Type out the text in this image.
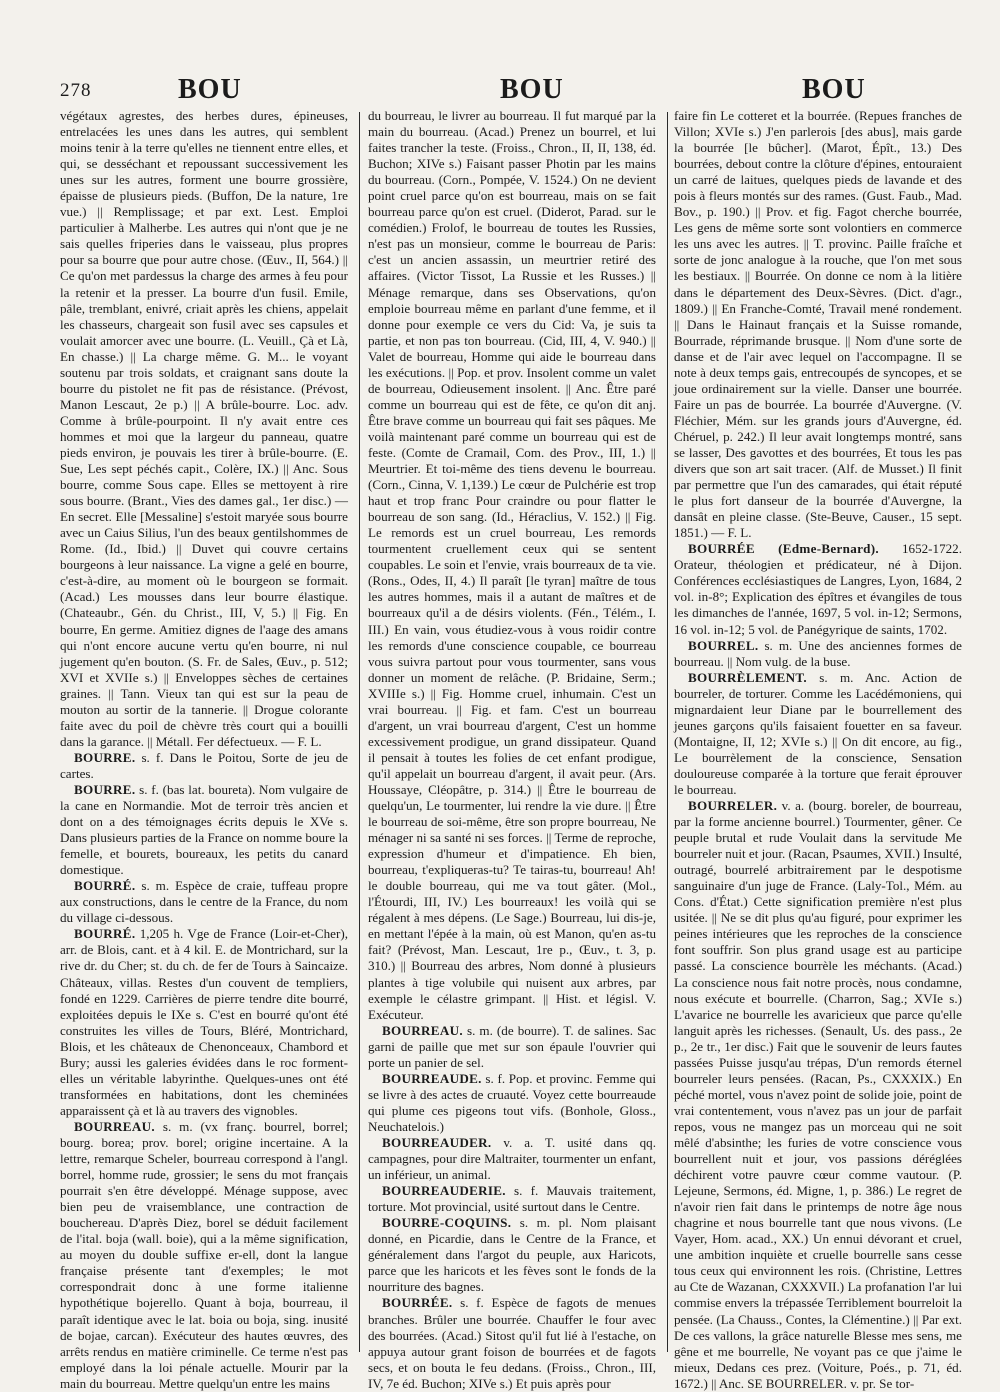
278	BOU	BOU	BOU

végétaux agrestes, des herbes dures, épineuses, entrelacées les unes dans les autres, qui semblent moins tenir à la terre qu'elles ne tiennent entre elles, et qui, se desséchant et repoussant successivement les unes sur les autres, forment une bourre grossière, épaisse de plusieurs pieds. (Buffon, De la nature, 1re vue.) || Remplissage; et par ext. Lest. Emploi particulier à Malherbe. Les autres qui n'ont que je ne sais quelles friperies dans le vaisseau, plus propres pour sa bourre que pour autre chose. (Œuv., II, 564.) || Ce qu'on met pardessus la charge des armes à feu pour la retenir et la presser. La bourre d'un fusil. Emile, pâle, tremblant, enivré, criait après les chiens, appelait les chasseurs, chargeait son fusil avec ses capsules et voulait amorcer avec une bourre. (L. Veuill., Çà et Là, En chasse.) || La charge même. G. M... le voyant soutenu par trois soldats, et craignant sans doute la bourre du pistolet ne fit pas de résistance. (Prévost, Manon Lescaut, 2e p.) || A brûle-bourre. Loc. adv. Comme à brûle-pourpoint. Il n'y avait entre ces hommes et moi que la largeur du panneau, quatre pieds environ, je pouvais les tirer à brûle-bourre. (E. Sue, Les sept péchés capit., Colère, IX.) || Anc. Sous bourre, comme Sous cape. Elles se mettoyent à rire sous bourre. (Brant., Vies des dames gal., 1er disc.) — En secret. Elle [Messaline] s'estoit maryée sous bourre avec un Caius Silius, l'un des beaux gentilshommes de Rome. (Id., Ibid.) || Duvet qui couvre certains bourgeons à leur naissance. La vigne a gelé en bourre, c'est-à-dire, au moment où le bourgeon se formait. (Acad.) Les mousses dans leur bourre élastique. (Chateaubr., Gén. du Christ., III, V, 5.) || Fig. En bourre, En germe. Amitiez dignes de l'aage des amans qui n'ont encore aucune vertu qu'en bourre, ni nul jugement qu'en bouton. (S. Fr. de Sales, Œuv., p. 512; XVI et XVIIe s.) || Enveloppes sèches de certaines graines. || Tann. Vieux tan qui est sur la peau de mouton au sortir de la tannerie. || Drogue colorante faite avec du poil de chèvre très court qui a bouilli dans la garance. || Métall. Fer défectueux. — F. L.

BOURRE. s. f. Dans le Poitou, Sorte de jeu de cartes.

BOURRE. s. f. (bas lat. boureta). Nom vulgaire de la cane en Normandie. Mot de terroir très ancien et dont on a des témoignages écrits depuis le XVe s. Dans plusieurs parties de la France on nomme boure la femelle, et bourets, boureaux, les petits du canard domestique.

BOURRÉ. s. m. Espèce de craie, tuffeau propre aux constructions, dans le centre de la France, du nom du village ci-dessous.

BOURRÉ. 1,205 h. Vge de France (Loir-et-Cher), arr. de Blois, cant. et à 4 kil. E. de Montrichard, sur la rive dr. du Cher; st. du ch. de fer de Tours à Saincaize. Châteaux, villas. Restes d'un couvent de templiers, fondé en 1229. Carrières de pierre tendre dite bourré, exploitées depuis le IXe s. C'est en bourré qu'ont été construites les villes de Tours, Bléré, Montrichard, Blois, et les châteaux de Chenonceaux, Chambord et Bury; aussi les galeries évidées dans le roc forment-elles un véritable labyrinthe. Quelques-unes ont été transformées en habitations, dont les cheminées apparaissent çà et là au travers des vignobles.

BOURREAU. s. m. (vx franç. bourrel, borrel; bourg. borea; prov. borel; origine incertaine. A la lettre, remarque Scheler, bourreau correspond à l'angl. borrel, homme rude, grossier; le sens du mot français pourrait s'en être développé. Ménage suppose, avec bien peu de vraisemblance, une contraction de bouchereau. D'après Diez, borel se déduit facilement de l'ital. boja (wall. boie), qui a la même signification, au moyen du double suffixe er-ell, dont la langue française présente tant d'exemples; le mot correspondrait donc à une forme italienne hypothétique bojerello. Quant à boja, bourreau, il paraît identique avec le lat. boia ou boja, sing. inusité de bojae, carcan). Exécuteur des hautes œuvres, des arrêts rendus en matière criminelle. Ce terme n'est pas employé dans la loi pénale actuelle. Mourir par la main du bourreau. Mettre quelqu'un entre les mains

du bourreau, le livrer au bourreau. Il fut marqué par la main du bourreau. (Acad.) Prenez un bourrel, et lui faites trancher la teste. (Froiss., Chron., II, II, 138, éd. Buchon; XIVe s.) Faisant passer Photin par les mains du bourreau. (Corn., Pompée, V. 1524.) On ne devient point cruel parce qu'on est bourreau, mais on se fait bourreau parce qu'on est cruel. (Diderot, Parad. sur le comédien.) Frolof, le bourreau de toutes les Russies, n'est pas un monsieur, comme le bourreau de Paris: c'est un ancien assassin, un meurtrier retiré des affaires. (Victor Tissot, La Russie et les Russes.) || Ménage remarque, dans ses Observations, qu'on emploie bourreau même en parlant d'une femme, et il donne pour exemple ce vers du Cid: Va, je suis ta partie, et non pas ton bourreau. (Cid, III, 4, V. 940.) || Valet de bourreau, Homme qui aide le bourreau dans les exécutions. || Pop. et prov. Insolent comme un valet de bourreau, Odieusement insolent. || Anc. Être paré comme un bourreau qui est de fête, ce qu'on dit anj. Être brave comme un bourreau qui fait ses pâques. Me voilà maintenant paré comme un bourreau qui est de feste. (Comte de Cramail, Com. des Prov., III, 1.) || Meurtrier. Et toi-même des tiens devenu le bourreau. (Corn., Cinna, V. 1,139.) Le cœur de Pulchérie est trop haut et trop franc Pour craindre ou pour flatter le bourreau de son sang. (Id., Héraclius, V. 152.) || Fig. Le remords est un cruel bourreau, Les remords tourmentent cruellement ceux qui se sentent coupables. Le soin et l'envie, vrais bourreaux de ta vie. (Rons., Odes, II, 4.) Il paraît [le tyran] maître de tous les autres hommes, mais il a autant de maîtres et de bourreaux qu'il a de désirs violents. (Fén., Télém., I. III.) En vain, vous étudiez-vous à vous roidir contre les remords d'une conscience coupable, ce bourreau vous suivra partout pour vous tourmenter, sans vous donner un moment de relâche. (P. Bridaine, Serm.; XVIIIe s.) || Fig. Homme cruel, inhumain. C'est un vrai bourreau. || Fig. et fam. C'est un bourreau d'argent, un vrai bourreau d'argent, C'est un homme excessivement prodigue, un grand dissipateur. Quand il pensait à toutes les folies de cet enfant prodigue, qu'il appelait un bourreau d'argent, il avait peur. (Ars. Houssaye, Cléopâtre, p. 314.) || Être le bourreau de quelqu'un, Le tourmenter, lui rendre la vie dure. || Être le bourreau de soi-même, être son propre bourreau, Ne ménager ni sa santé ni ses forces. || Terme de reproche, expression d'humeur et d'impatience. Eh bien, bourreau, t'expliqueras-tu? Te tairas-tu, bourreau! Ah! le double bourreau, qui me va tout gâter. (Mol., l'Étourdi, III, IV.) Les bourreaux! les voilà qui se régalent à mes dépens. (Le Sage.) Bourreau, lui dis-je, en mettant l'épée à la main, où est Manon, qu'en as-tu fait? (Prévost, Man. Lescaut, 1re p., Œuv., t. 3, p. 310.) || Bourreau des arbres, Nom donné à plusieurs plantes à tige volubile qui nuisent aux arbres, par exemple le célastre grimpant. || Hist. et législ. V. Exécuteur.

BOURREAU. s. m. (de bourre). T. de salines. Sac garni de paille que met sur son épaule l'ouvrier qui porte un panier de sel.

BOURREAUDE. s. f. Pop. et provinc. Femme qui se livre à des actes de cruauté. Voyez cette bourreaude qui plume ces pigeons tout vifs. (Bonhole, Gloss., Neuchatelois.)

BOURREAUDER. v. a. T. usité dans qq. campagnes, pour dire Maltraiter, tourmenter un enfant, un inférieur, un animal.

BOURREAUDERIE. s. f. Mauvais traitement, torture. Mot provincial, usité surtout dans le Centre.

BOURRE-COQUINS. s. m. pl. Nom plaisant donné, en Picardie, dans le Centre de la France, et généralement dans l'argot du peuple, aux Haricots, parce que les haricots et les fèves sont le fonds de la nourriture des bagnes.

BOURRÉE. s. f. Espèce de fagots de menues branches. Brûler une bourrée. Chauffer le four avec des bourrées. (Acad.) Sitost qu'il fut lié à l'estache, on appuya autour grant foison de bourrées et de fagots secs, et on bouta le feu dedans. (Froiss., Chron., III, IV, 7e éd. Buchon; XIVe s.) Et puis après pour

faire fin Le cotteret et la bourrée. (Repues franches de Villon; XVIe s.) J'en parlerois [des abus], mais garde la bourrée [le bûcher]. (Marot, Épît., 13.) Des bourrées, debout contre la clôture d'épines, entouraient un carré de laitues, quelques pieds de lavande et des pois à fleurs montés sur des rames. (Gust. Faub., Mad. Bov., p. 190.) || Prov. et fig. Fagot cherche bourrée, Les gens de même sorte sont volontiers en commerce les uns avec les autres. || T. provinc. Paille fraîche et sorte de jonc analogue à la rouche, que l'on met sous les bestiaux. || Bourrée. On donne ce nom à la litière dans le département des Deux-Sèvres. (Dict. d'agr., 1809.) || En Franche-Comté, Travail mené rondement. || Dans le Hainaut français et la Suisse romande, Bourrade, réprimande brusque. || Nom d'une sorte de danse et de l'air avec lequel on l'accompagne. Il se note à deux temps gais, entrecoupés de syncopes, et se joue ordinairement sur la vielle. Danser une bourrée. Faire un pas de bourrée. La bourrée d'Auvergne. (V. Fléchier, Mém. sur les grands jours d'Auvergne, éd. Chéruel, p. 242.) Il leur avait longtemps montré, sans se lasser, Des gavottes et des bourrées, Et tous les pas divers que son art sait tracer. (Alf. de Musset.) Il finit par permettre que l'un des camarades, qui était réputé le plus fort danseur de la bourrée d'Auvergne, la dansât en pleine classe. (Ste-Beuve, Causer., 15 sept. 1851.) — F. L.

BOURRÉE (Edme-Bernard). 1652-1722. Orateur, théologien et prédicateur, né à Dijon. Conférences ecclésiastiques de Langres, Lyon, 1684, 2 vol. in-8°; Explication des épîtres et évangiles de tous les dimanches de l'année, 1697, 5 vol. in-12; Sermons, 16 vol. in-12; 5 vol. de Panégyrique de saints, 1702.

BOURREL. s. m. Une des anciennes formes de bourreau. || Nom vulg. de la buse.

BOURRÈLEMENT. s. m. Anc. Action de bourreler, de torturer. Comme les Lacédémoniens, qui mignardaient leur Diane par le bourrellement des jeunes garçons qu'ils faisaient fouetter en sa faveur. (Montaigne, II, 12; XVIe s.) || On dit encore, au fig., Le bourrèlement de la conscience, Sensation douloureuse comparée à la torture que ferait éprouver le bourreau.

BOURRELER. v. a. (bourg. boreler, de bourreau, par la forme ancienne bourrel.) Tourmenter, gêner. Ce peuple brutal et rude Voulait dans la servitude Me bourreler nuit et jour. (Racan, Psaumes, XVII.) Insulté, outragé, bourrelé arbitrairement par le despotisme sanguinaire d'un juge de France. (Laly-Tol., Mém. au Cons. d'État.) Cette signification première n'est plus usitée. || Ne se dit plus qu'au figuré, pour exprimer les peines intérieures que les reproches de la conscience font souffrir. Son plus grand usage est au participe passé. La conscience bourrèle les méchants. (Acad.) La conscience nous fait notre procès, nous condamne, nous exécute et bourrelle. (Charron, Sag.; XVIe s.) L'avarice ne bourrelle les avaricieux que parce qu'elle languit après les richesses. (Senault, Us. des pass., 2e p., 2e tr., 1er disc.) Fait que le souvenir de leurs fautes passées Puisse jusqu'au trépas, D'un remords éternel bourreler leurs pensées. (Racan, Ps., CXXXIX.) En péché mortel, vous n'avez point de solide joie, point de vrai contentement, vous n'avez pas un jour de parfait repos, vous ne mangez pas un morceau qui ne soit mêlé d'absinthe; les furies de votre conscience vous bourrellent nuit et jour, vos passions déréglées déchirent votre pauvre cœur comme vautour. (P. Lejeune, Sermons, éd. Migne, 1, p. 386.) Le regret de n'avoir rien fait dans le printemps de notre âge nous chagrine et nous bourrelle tant que nous vivons. (Le Vayer, Hom. acad., XX.) Un ennui dévorant et cruel, une ambition inquiète et cruelle bourrelle sans cesse tous ceux qui environnent les rois. (Christine, Lettres au Cte de Wazanan, CXXXVII.) La profanation l'ar lui commise envers la trépassée Terriblement bourreloit la pensée. (La Chauss., Contes, la Clémentine.) || Par ext. De ces vallons, la grâce naturelle Blesse mes sens, me gêne et me bourrelle, Ne voyant pas ce que j'aime le mieux, Dedans ces prez. (Voiture, Poés., p. 71, éd. 1672.) || Anc. SE BOURRELER. v. pr. Se tor-
